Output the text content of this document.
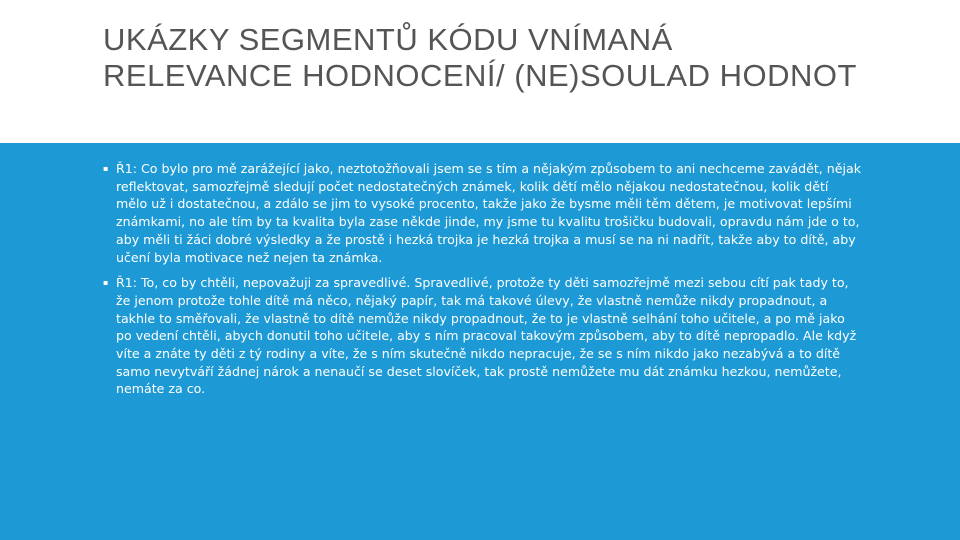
UKÁZKY SEGMENTŮ KÓDU VNÍMANÁ RELEVANCE HODNOCENÍ/ (NE)SOULAD HODNOT
▪ Ř1: Co bylo pro mě zarážející jako, neztotožňovali jsem se s tím a nějakým způsobem to ani nechceme zavádět, nějak reflektovat, samozřejmě sledují počet nedostatečných známek, kolik dětí mělo nějakou nedostatečnou, kolik dětí mělo už i dostatečnou, a zdálo se jim to vysoké procento, takže jako že bysme měli těm dětem, je motivovat lepšími známkami, no ale tím by ta kvalita byla zase někde jinde, my jsme tu kvalitu trošičku budovali, opravdu nám jde o to, aby měli ti žáci dobré výsledky a že prostě i hezká trojka je hezká trojka a musí se na ni nadřít, takže aby to dítě, aby učení byla motivace než nejen ta známka.
▪ Ř1: To, co by chtěli, nepovažuji za spravedlivé. Spravedlivé, protože ty děti samozřejmě mezi sebou cítí pak tady to, že jenom protože tohle dítě má něco, nějaký papír, tak má takové úlevy, že vlastně nemůže nikdy propadnout, a takhle to směřovali, že vlastně to dítě nemůže nikdy propadnout, že to je vlastně selhání toho učitele, a po mě jako po vedení chtěli, abych donutil toho učitele, aby s ním pracoval takovým způsobem, aby to dítě nepropadlo. Ale když víte a znáte ty děti z tý rodiny a víte, že s ním skutečně nikdo nepracuje, že se s ním nikdo jako nezabývá a to dítě samo nevytváří žádnej nárok a nenaučí se deset slovíček, tak prostě nemůžete mu dát známku hezkou, nemůžete, nemáte za co.
